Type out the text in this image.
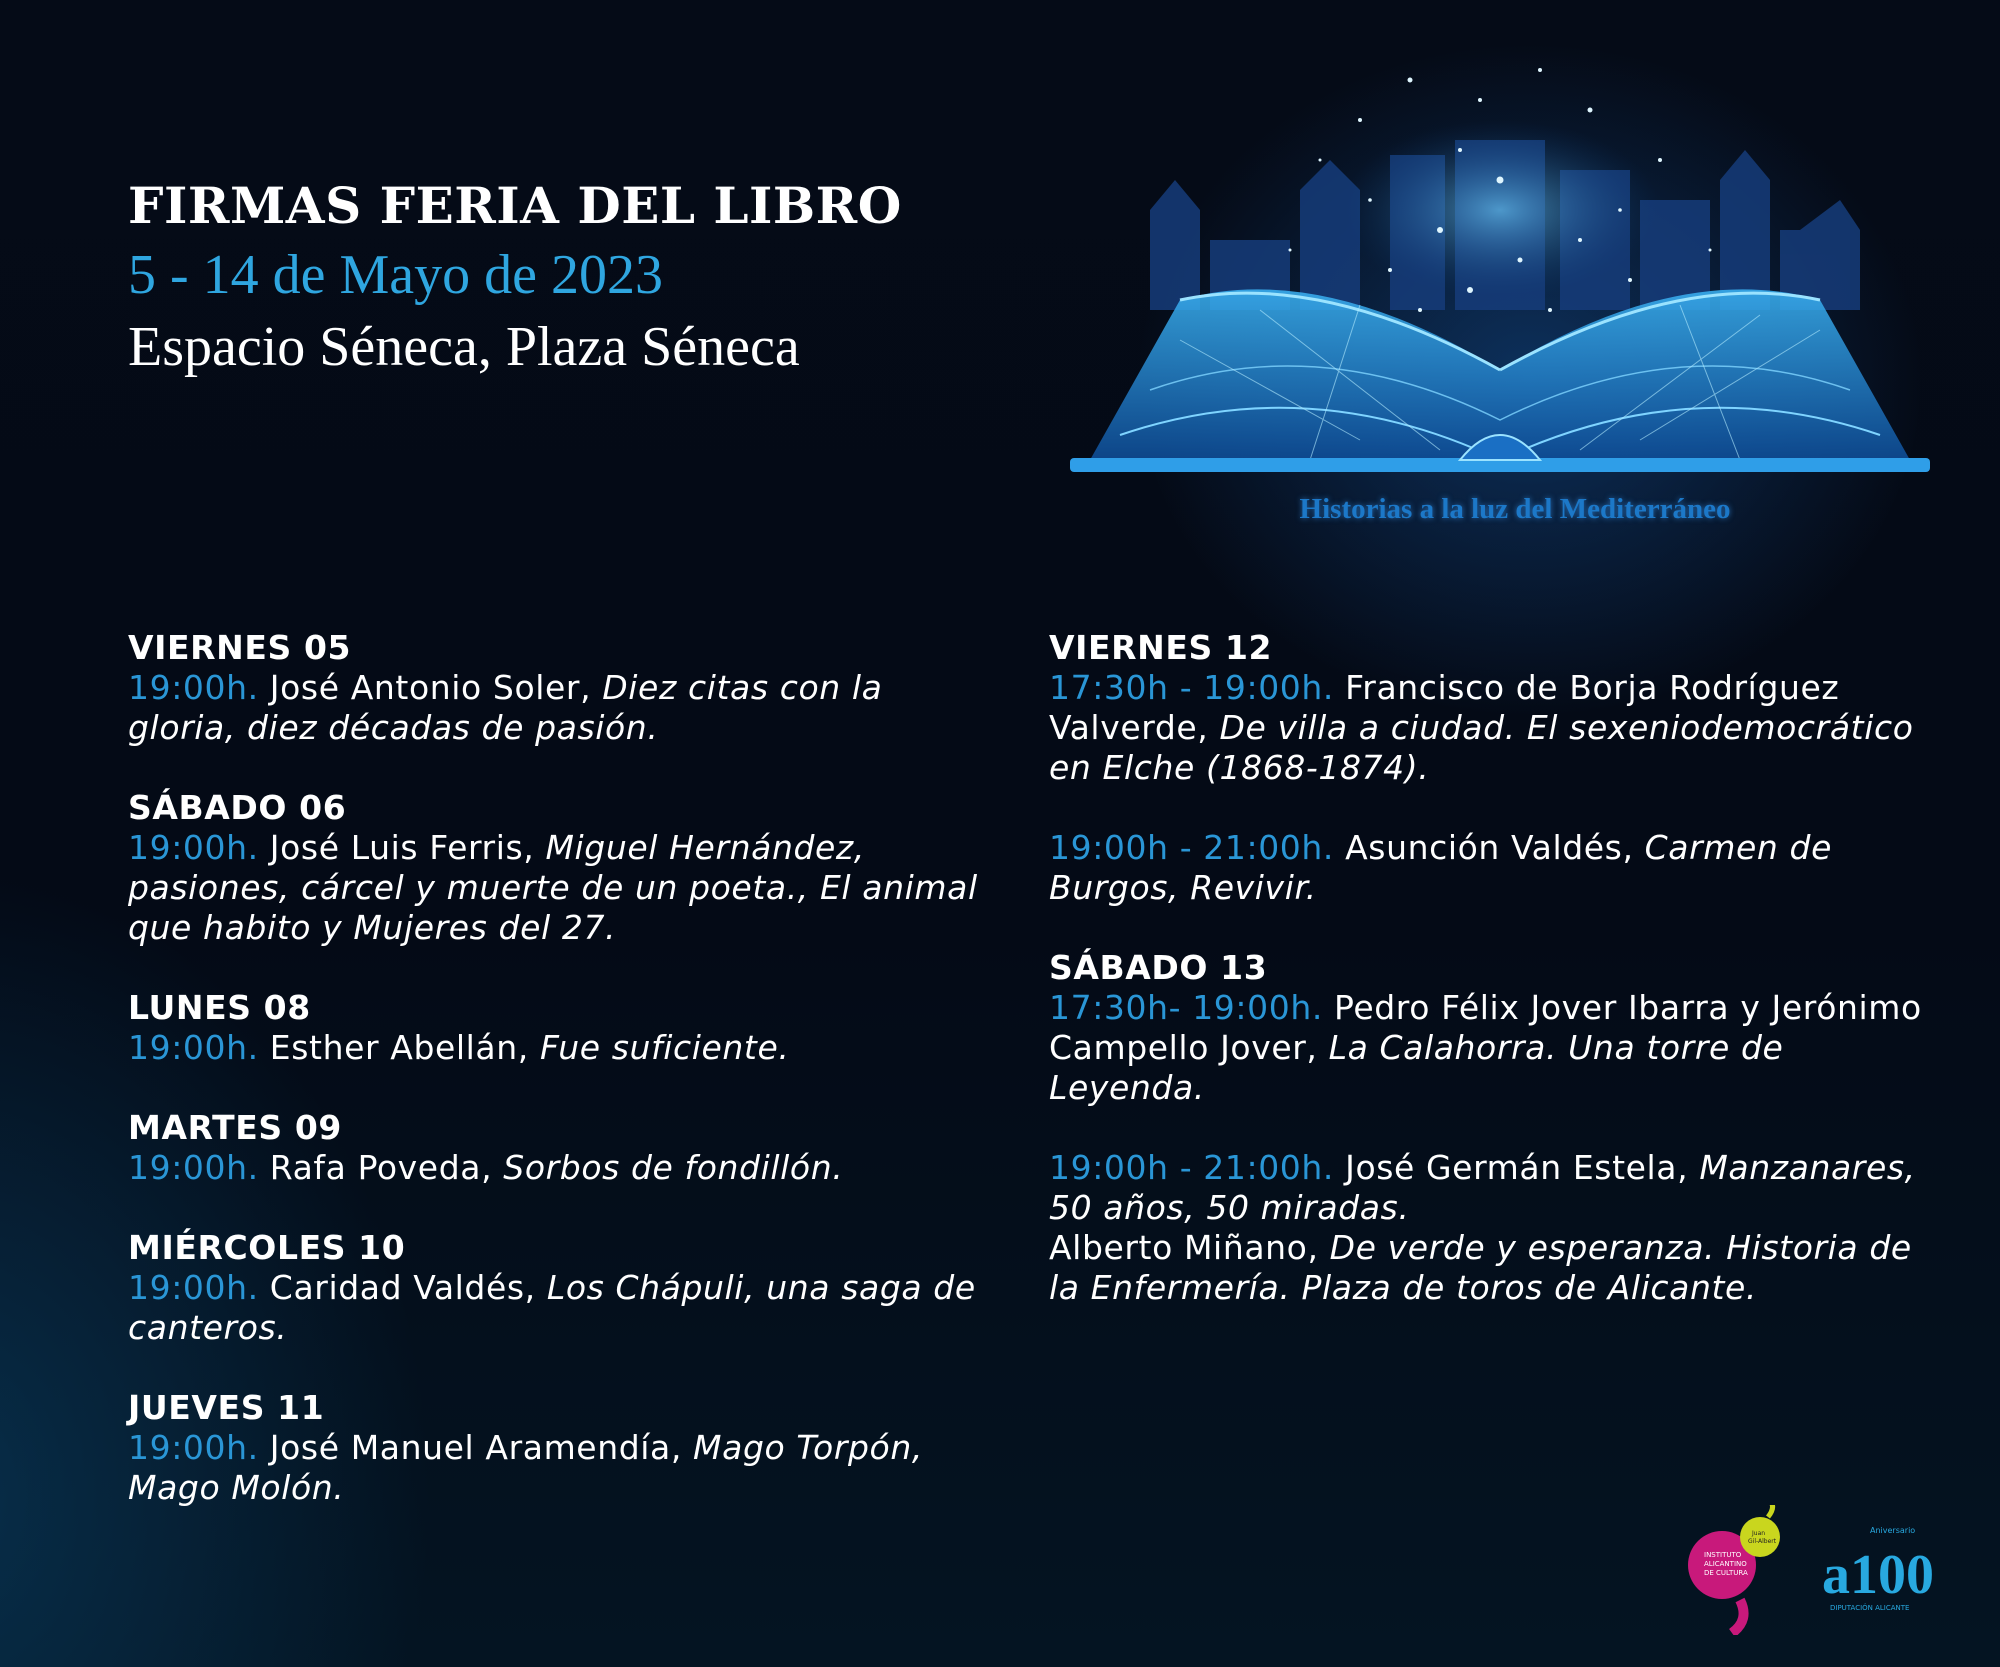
FIRMAS FERIA DEL LIBRO
5 - 14 de Mayo de 2023
Espacio Séneca, Plaza Séneca
Historias a la luz del Mediterráneo
VIERNES 05
19:00h. José Antonio Soler, Diez citas con la gloria, diez décadas de pasión.
SÁBADO 06
19:00h. José Luis Ferris, Miguel Hernández, pasiones, cárcel y muerte de un poeta., El animal que habito y Mujeres del 27.
LUNES 08
19:00h. Esther Abellán, Fue suficiente.
MARTES 09
19:00h. Rafa Poveda, Sorbos de fondillón.
MIÉRCOLES 10
19:00h. Caridad Valdés, Los Chápuli, una saga de canteros.
JUEVES 11
19:00h. José Manuel Aramendía, Mago Torpón, Mago Molón.
VIERNES 12
17:30h - 19:00h. Francisco de Borja Rodríguez Valverde, De villa a ciudad. El sexeniodemocrático en Elche (1868-1874).
19:00h - 21:00h. Asunción Valdés, Carmen de Burgos, Revivir.
SÁBADO 13
17:30h- 19:00h. Pedro Félix Jover Ibarra y Jerónimo Campello Jover, La Calahorra. Una torre de Leyenda.
19:00h - 21:00h. José Germán Estela, Manzanares, 50 años, 50 miradas.
Alberto Miñano, De verde y esperanza. Historia de la Enfermería. Plaza de toros de Alicante.
INSTITUTO
ALICANTINO
DE CULTURA
Juan
Gil-Albert
a100
Aniversario
DIPUTACIÓN ALICANTE
